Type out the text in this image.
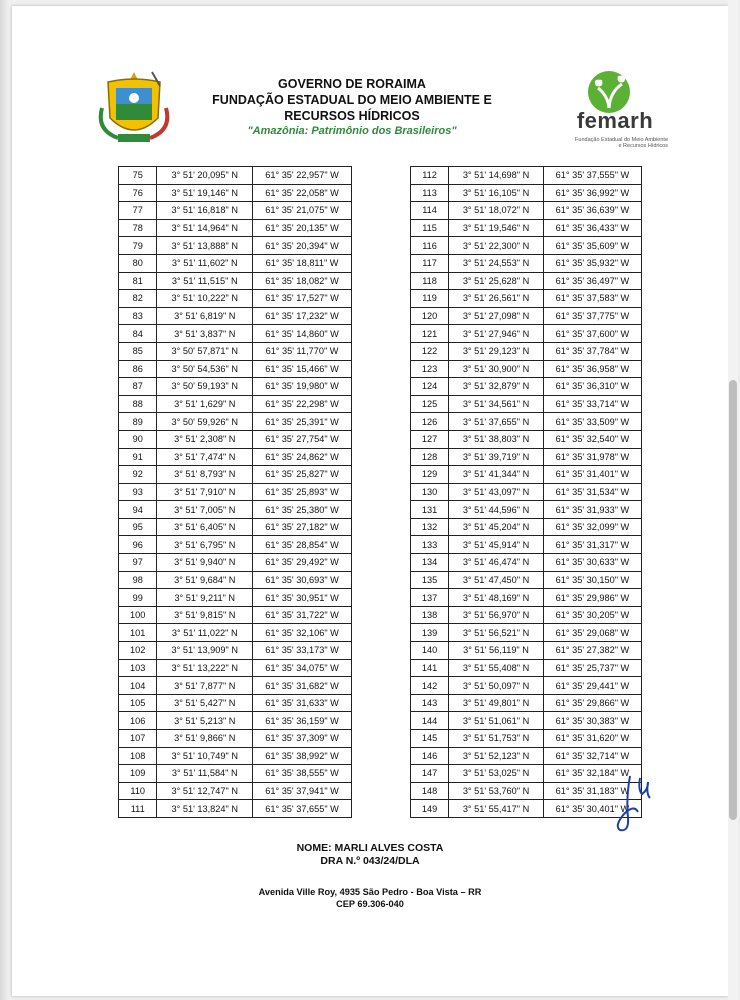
GOVERNO DE RORAIMA
FUNDAÇÃO ESTADUAL DO MEIO AMBIENTE E
RECURSOS HÍDRICOS
"Amazônia: Patrimônio dos Brasileiros"	femarh
Fundação Estadual do Meio Ambiente
e Recursos Hídricos
75	3° 51' 20,095" N	61° 35' 22,957" W
76	3° 51' 19,146" N	61° 35' 22,058" W
77	3° 51' 16,818" N	61° 35' 21,075" W
78	3° 51' 14,964" N	61° 35' 20,135" W
79	3° 51' 13,888" N	61° 35' 20,394" W
80	3° 51' 11,602" N	61° 35' 18,811" W
81	3° 51' 11,515" N	61° 35' 18,082" W
82	3° 51' 10,222" N	61° 35' 17,527" W
83	3° 51' 6,819" N	61° 35' 17,232" W
84	3° 51' 3,837" N	61° 35' 14,860" W
85	3° 50' 57,871" N	61° 35' 11,770" W
86	3° 50' 54,536" N	61° 35' 15,466" W
87	3° 50' 59,193" N	61° 35' 19,980" W
88	3° 51' 1,629" N	61° 35' 22,298" W
89	3° 50' 59,926" N	61° 35' 25,391" W
90	3° 51' 2,308" N	61° 35' 27,754" W
91	3° 51' 7,474" N	61° 35' 24,862" W
92	3° 51' 8,793" N	61° 35' 25,827" W
93	3° 51' 7,910" N	61° 35' 25,893" W
94	3° 51' 7,005" N	61° 35' 25,380" W
95	3° 51' 6,405" N	61° 35' 27,182" W
96	3° 51' 6,795" N	61° 35' 28,854" W
97	3° 51' 9,940" N	61° 35' 29,492" W
98	3° 51' 9,684" N	61° 35' 30,693" W
99	3° 51' 9,211" N	61° 35' 30,951" W
100	3° 51' 9,815" N	61° 35' 31,722" W
101	3° 51' 11,022" N	61° 35' 32,106" W
102	3° 51' 13,909" N	61° 35' 33,173" W
103	3° 51' 13,222" N	61° 35' 34,075" W
104	3° 51' 7,877" N	61° 35' 31,682" W
105	3° 51' 5,427" N	61° 35' 31,633" W
106	3° 51' 5,213" N	61° 35' 36,159" W
107	3° 51' 9,866" N	61° 35' 37,309" W
108	3° 51' 10,749" N	61° 35' 38,992" W
109	3° 51' 11,584" N	61° 35' 38,555" W
110	3° 51' 12,747" N	61° 35' 37,941" W
111	3° 51' 13,824" N	61° 35' 37,655" W
112	3° 51' 14,698" N	61° 35' 37,555" W
113	3° 51' 16,105" N	61° 35' 36,992" W
114	3° 51' 18,072" N	61° 35' 36,639" W
115	3° 51' 19,546" N	61° 35' 36,433" W
116	3° 51' 22,300" N	61° 35' 35,609" W
117	3° 51' 24,553" N	61° 35' 35,932" W
118	3° 51' 25,628" N	61° 35' 36,497" W
119	3° 51' 26,561" N	61° 35' 37,583" W
120	3° 51' 27,098" N	61° 35' 37,775" W
121	3° 51' 27,946" N	61° 35' 37,600" W
122	3° 51' 29,123" N	61° 35' 37,784" W
123	3° 51' 30,900" N	61° 35' 36,958" W
124	3° 51' 32,879" N	61° 35' 36,310" W
125	3° 51' 34,561" N	61° 35' 33,714" W
126	3° 51' 37,655" N	61° 35' 33,509" W
127	3° 51' 38,803" N	61° 35' 32,540" W
128	3° 51' 39,719" N	61° 35' 31,978" W
129	3° 51' 41,344" N	61° 35' 31,401" W
130	3° 51' 43,097" N	61° 35' 31,534" W
131	3° 51' 44,596" N	61° 35' 31,933" W
132	3° 51' 45,204" N	61° 35' 32,099" W
133	3° 51' 45,914" N	61° 35' 31,317" W
134	3° 51' 46,474" N	61° 35' 30,633" W
135	3° 51' 47,450" N	61° 35' 30,150" W
137	3° 51' 48,169" N	61° 35' 29,986" W
138	3° 51' 56,970" N	61° 35' 30,205" W
139	3° 51' 56,521" N	61° 35' 29,068" W
140	3° 51' 56,119" N	61° 35' 27,382" W
141	3° 51' 55,408" N	61° 35' 25,737" W
142	3° 51' 50,097" N	61° 35' 29,441" W
143	3° 51' 49,801" N	61° 35' 29,866" W
144	3° 51' 51,061" N	61° 35' 30,383" W
145	3° 51' 51,753" N	61° 35' 31,620" W
146	3° 51' 52,123" N	61° 35' 32,714" W
147	3° 51' 53,025" N	61° 35' 32,184" W
148	3° 51' 53,760" N	61° 35' 31,183" W
149	3° 51' 55,417" N	61° 35' 30,401" W
NOME: MARLI ALVES COSTA
DRA N.º 043/24/DLA
Avenida Ville Roy, 4935 São Pedro - Boa Vista – RR
CEP 69.306-040
